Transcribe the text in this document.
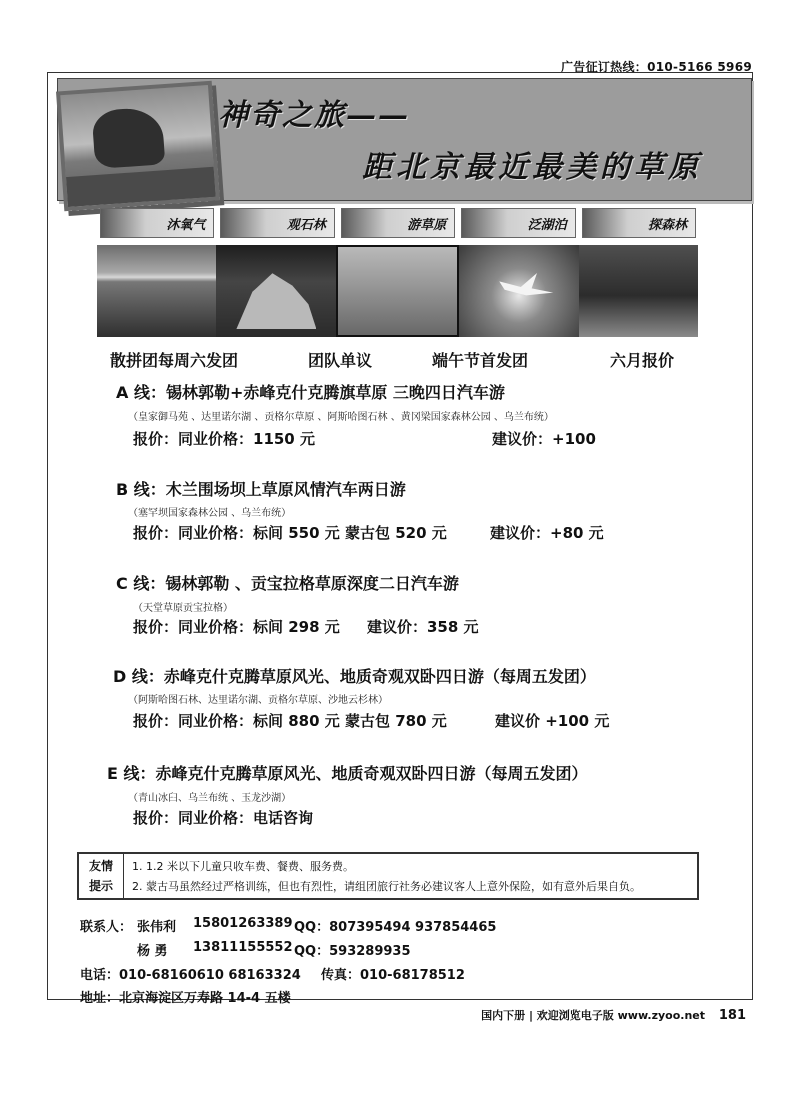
广告征订热线：010-5166 5969
神奇之旅——
距北京最近最美的草原
沐氧气	观石林	游草原	泛湖泊	探森林
散拼团每周六发团	团队单议	端午节首发团	六月报价
A 线：锡林郭勒+赤峰克什克腾旗草原 三晚四日汽车游
（皇家御马苑 、达里诺尔湖 、贡格尔草原 、阿斯哈图石林 、黄冈梁国家森林公园 、乌兰布统）
报价：同业价格：1150 元	建议价：+100
B 线：木兰围场坝上草原风情汽车两日游
（塞罕坝国家森林公园 、乌兰布统）
报价：同业价格：标间 550 元 蒙古包 520 元	建议价：+80 元
C 线：锡林郭勒 、贡宝拉格草原深度二日汽车游
（天堂草原贡宝拉格）
报价：同业价格：标间 298 元 建议价：358 元
D 线：赤峰克什克腾草原风光、地质奇观双卧四日游（每周五发团）
（阿斯哈图石林、达里诺尔湖、贡格尔草原、沙地云杉林）
报价：同业价格：标间 880 元 蒙古包 780 元	建议价 +100 元
E 线：赤峰克什克腾草原风光、地质奇观双卧四日游（每周五发团）
（青山冰臼、乌兰布统 、玉龙沙湖）
报价：同业价格：电话咨询
友情
提示
1. 1.2 米以下儿童只收车费、餐费、服务费。
2. 蒙古马虽然经过严格训练，但也有烈性，请组团旅行社务必建议客人上意外保险，如有意外后果自负。
联系人： 张伟利 15801263389 QQ：807395494 937854465
杨 勇 13811155552 QQ：593289935
电话：010-68160610 68163324 传真：010-68178512
地址：北京海淀区万寿路 14-4 五楼
国内下册 | 欢迎浏览电子版 www.zyoo.net 181
